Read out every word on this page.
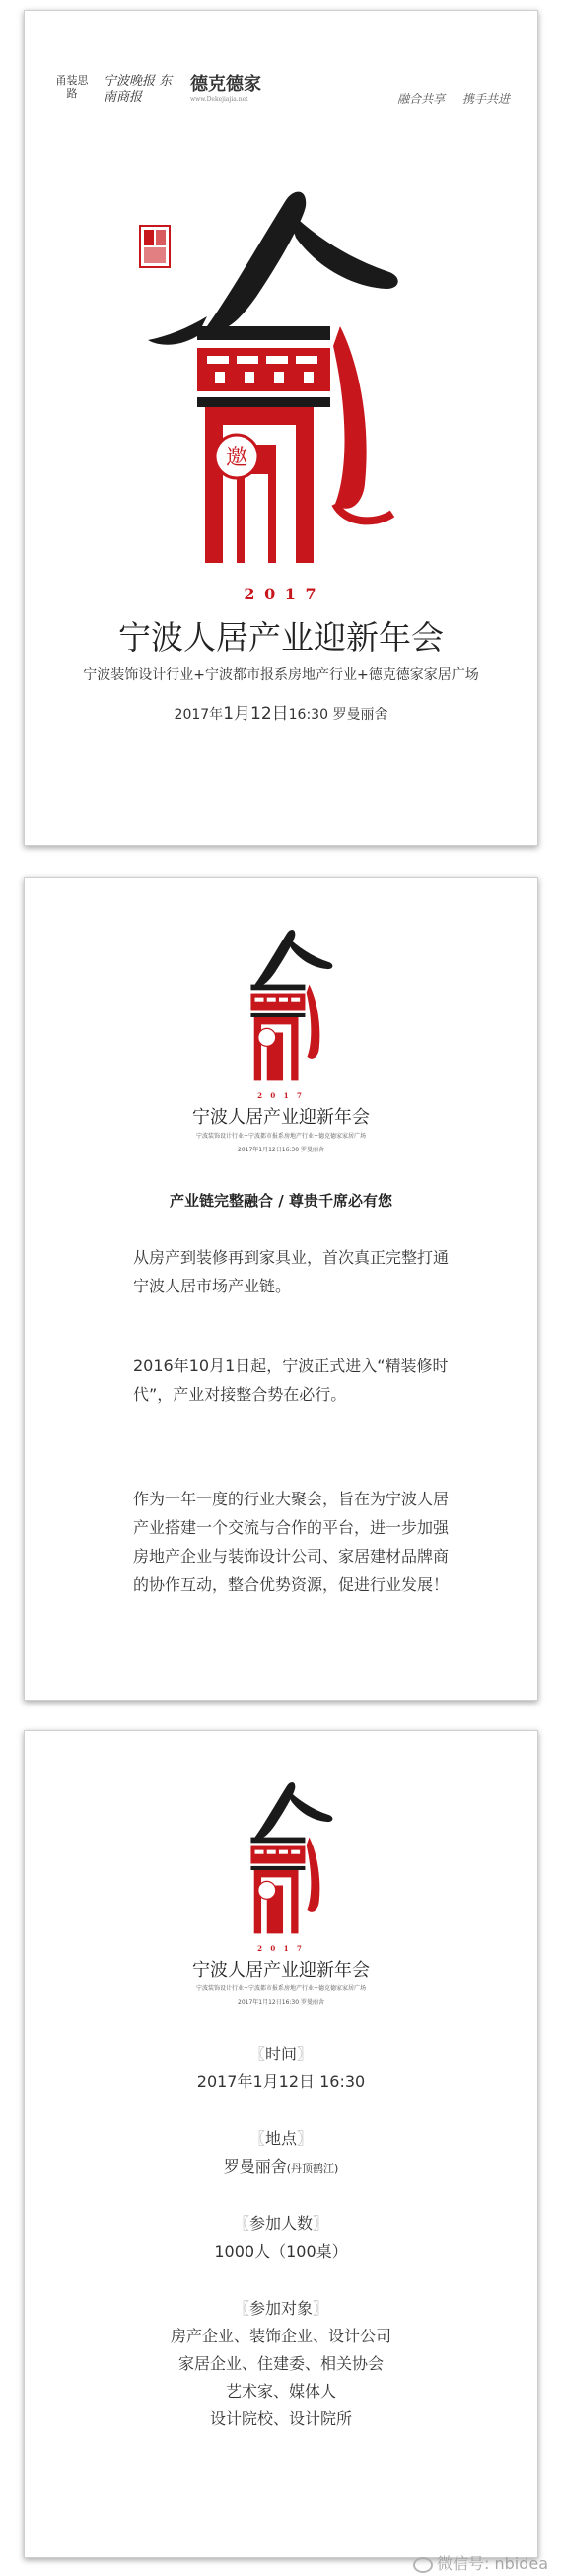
甬装思路
宁波晚报 东南商报
德克德家
www.Dekejiajia.net	融合共享 携手共进
邀
2 0 1 7
宁波人居产业迎新年会
宁波装饰设计行业+宁波都市报系房地产行业+德克德家家居广场
2017年1月12日16:30 罗曼丽舍
2 0 1 7
宁波人居产业迎新年会
宁波装饰设计行业+宁波都市报系房地产行业+德克德家家居广场
2017年1月12日16:30 罗曼丽舍
产业链完整融合 / 尊贵千席必有您
从房产到装修再到家具业，首次真正完整打通宁波人居市场产业链。
2016年10月1日起，宁波正式进入“精装修时代”，产业对接整合势在必行。
作为一年一度的行业大聚会，旨在为宁波人居产业搭建一个交流与合作的平台，进一步加强房地产企业与装饰设计公司、家居建材品牌商的协作互动，整合优势资源，促进行业发展！
2 0 1 7
宁波人居产业迎新年会
宁波装饰设计行业+宁波都市报系房地产行业+德克德家家居广场
2017年1月12日16:30 罗曼丽舍
〖时间〗
2017年1月12日 16:30
〖地点〗
罗曼丽舍(丹顶鹤江)
〖参加人数〗
1000人（100桌）
〖参加对象〗
房产企业、装饰企业、设计公司
家居企业、住建委、相关协会
艺术家、媒体人
设计院校、设计院所
微信号: nbidea
